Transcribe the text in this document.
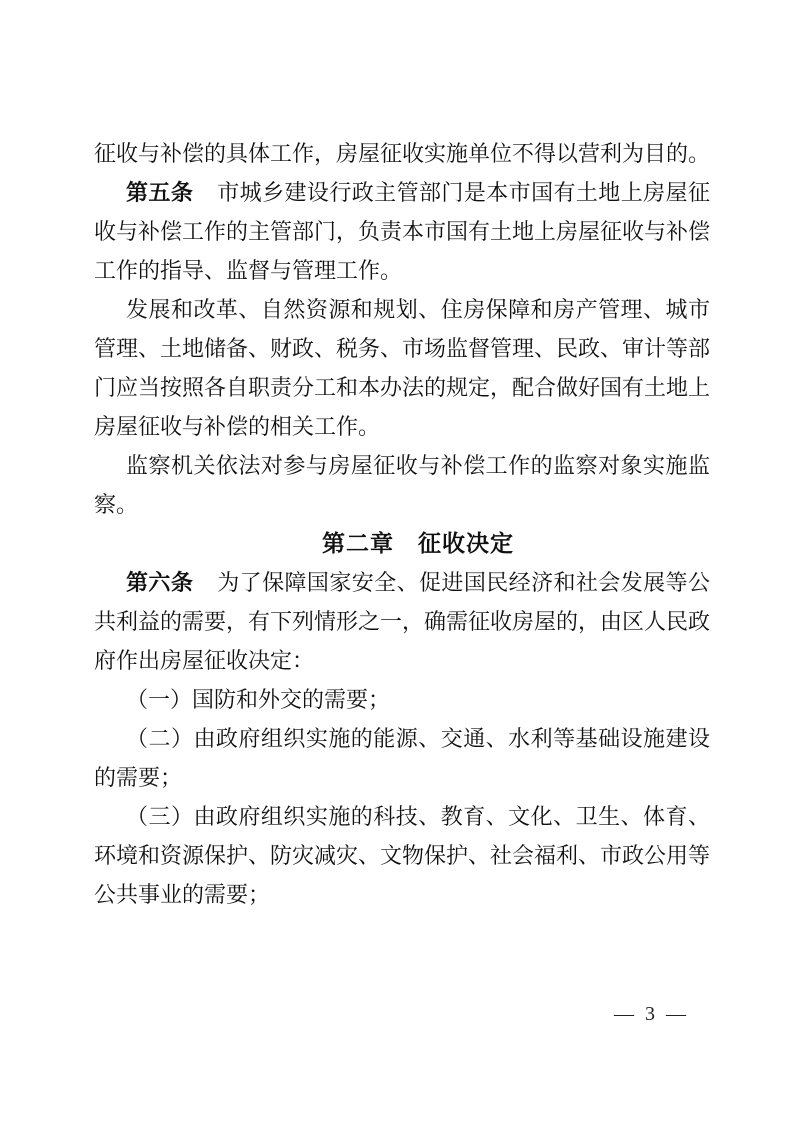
征收与补偿的具体工作，房屋征收实施单位不得以营利为目的。

第五条 市城乡建设行政主管部门是本市国有土地上房屋征收与补偿工作的主管部门，负责本市国有土地上房屋征收与补偿工作的指导、监督与管理工作。

发展和改革、自然资源和规划、住房保障和房产管理、城市管理、土地储备、财政、税务、市场监督管理、民政、审计等部门应当按照各自职责分工和本办法的规定，配合做好国有土地上房屋征收与补偿的相关工作。

监察机关依法对参与房屋征收与补偿工作的监察对象实施监察。

第二章　征收决定

第六条 为了保障国家安全、促进国民经济和社会发展等公共利益的需要，有下列情形之一，确需征收房屋的，由区人民政府作出房屋征收决定：

（一）国防和外交的需要；

（二）由政府组织实施的能源、交通、水利等基础设施建设的需要；

（三）由政府组织实施的科技、教育、文化、卫生、体育、环境和资源保护、防灾减灾、文物保护、社会福利、市政公用等公共事业的需要；

— 3 —
